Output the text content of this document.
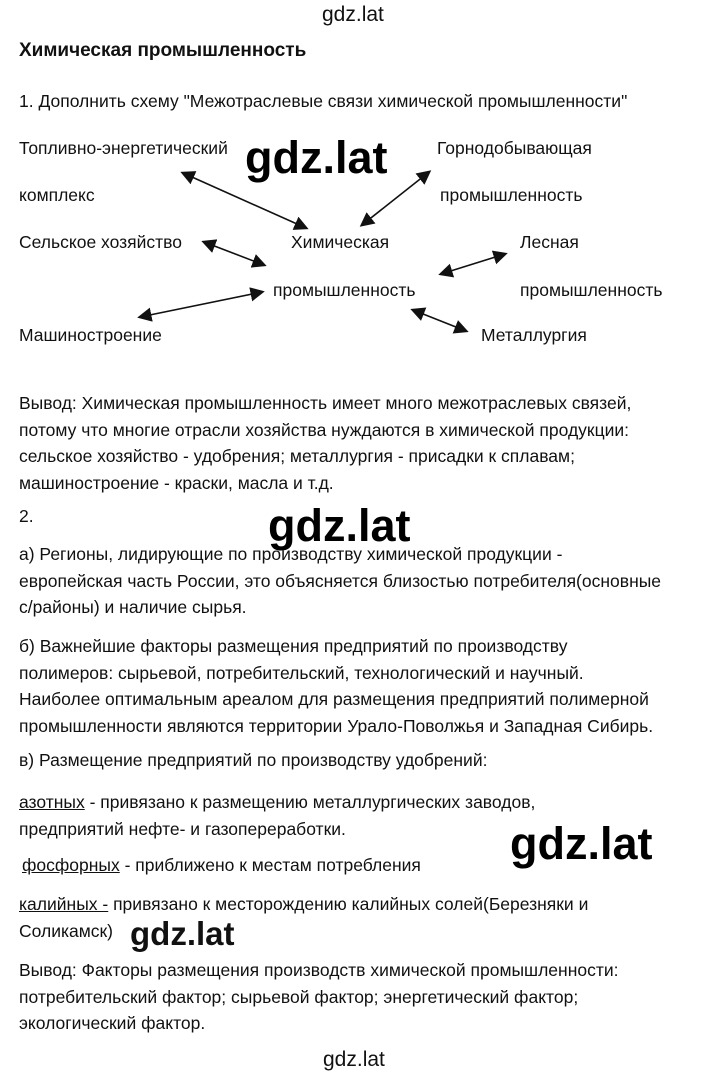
gdz.lat
Химическая промышленность
1. Дополнить схему "Межотраслевые связи химической промышленности"
Топливно-энергетический
комплекс
Горнодобывающая
промышленность
Сельское хозяйство	Химическая
промышленность
Лесная
промышленность
Машиностроение	Металлургия
gdz.lat
Вывод: Химическая промышленность имеет много межотраслевых связей,
потому что многие отрасли хозяйства нуждаются в химической продукции:
сельское хозяйство - удобрения; металлургия - присадки к сплавам;
машиностроение - краски, масла и т.д.
2.	gdz.lat
а) Регионы, лидирующие по производству химической продукции -
европейская часть России, это объясняется близостью потребителя(основные
с/районы) и наличие сырья.
б) Важнейшие факторы размещения предприятий по производству
полимеров: сырьевой, потребительский, технологический и научный.
Наиболее оптимальным ареалом для размещения предприятий полимерной
промышленности являются территории Урало-Поволжья и Западная Сибирь.
в) Размещение предприятий по производству удобрений:
азотных - привязано к размещению металлургических заводов,
предприятий нефте- и газопереработки.
фосфорных - приближено к местам потребления	gdz.lat
калийных - привязано к месторождению калийных солей(Березняки и
Соликамск) gdz.lat
Вывод: Факторы размещения производств химической промышленности:
потребительский фактор; сырьевой фактор; энергетический фактор;
экологический фактор.
gdz.lat
